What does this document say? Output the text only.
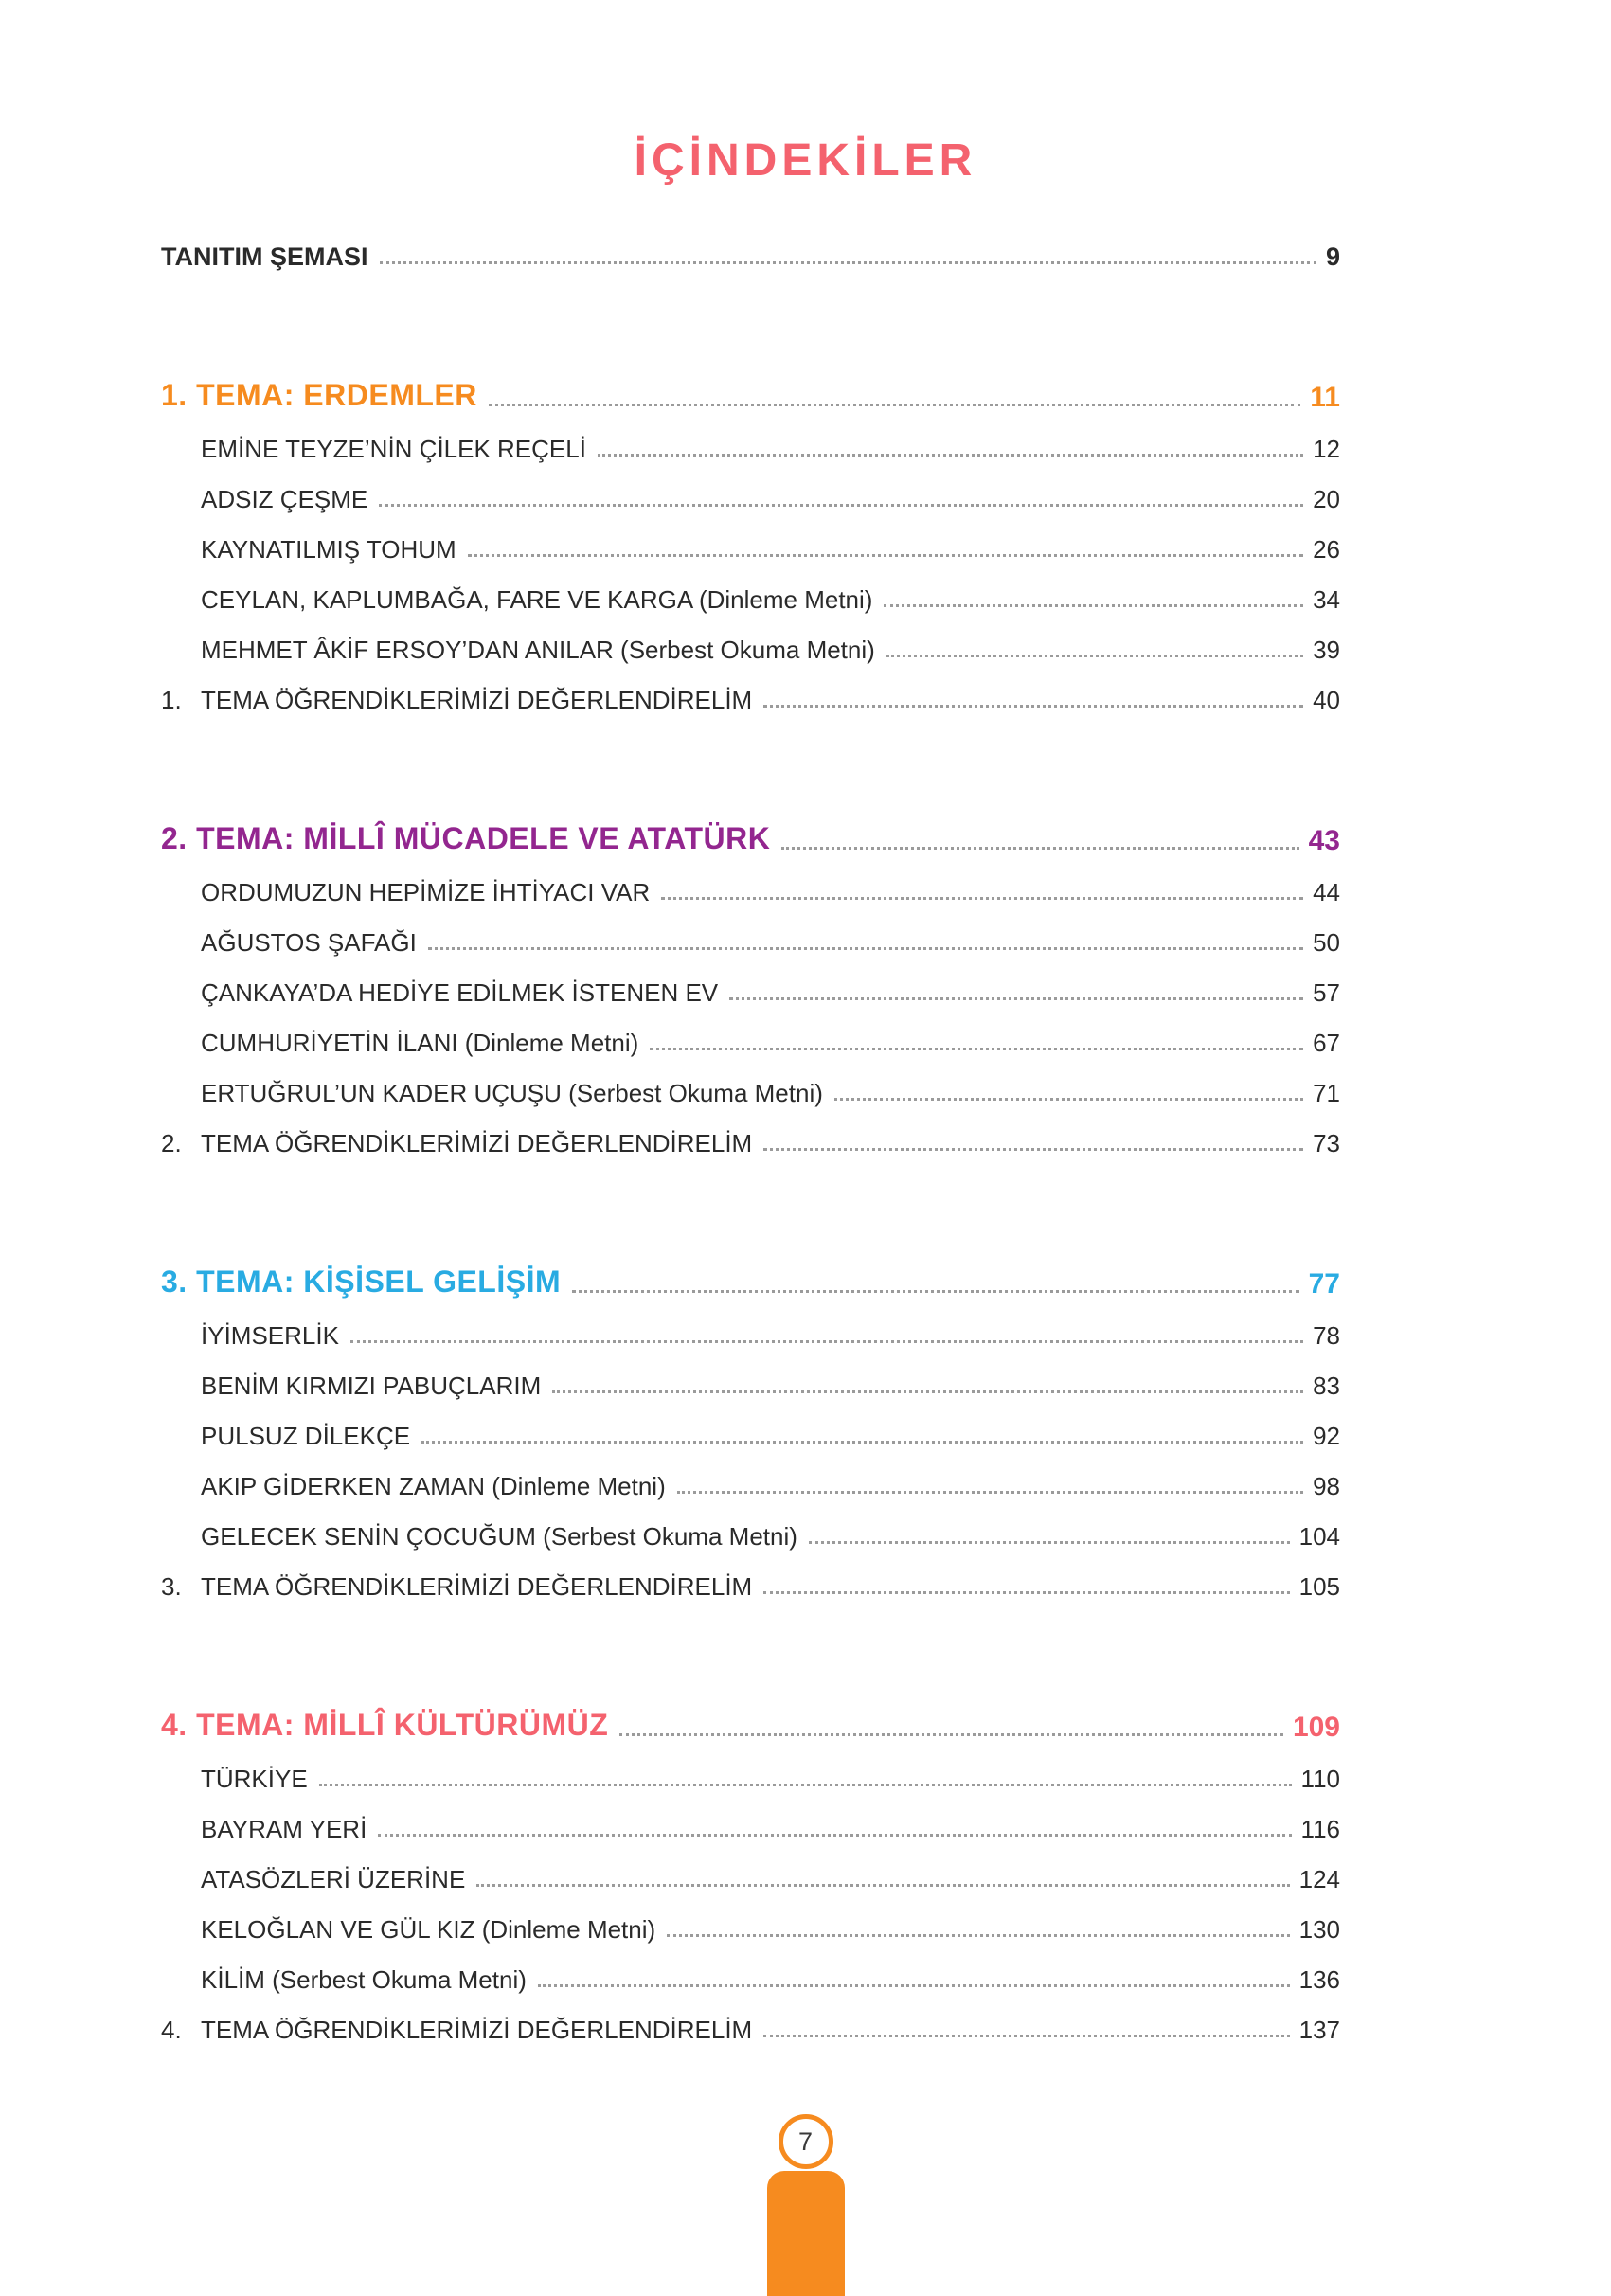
İÇİNDEKİLER
TANITIM ŞEMASI	9
1. TEMA: ERDEMLER	11
EMİNE TEYZE’NİN ÇİLEK REÇELİ	12
ADSIZ ÇEŞME	20
KAYNATILMIŞ TOHUM	26
CEYLAN, KAPLUMBAĞA, FARE VE KARGA (Dinleme Metni)	34
MEHMET ÂKİF ERSOY’DAN ANILAR (Serbest Okuma Metni)	39
1. TEMA ÖĞRENDİKLERİMİZİ DEĞERLENDİRELİM	40
2. TEMA: MİLLÎ MÜCADELE VE ATATÜRK	43
ORDUMUZUN HEPİMİZE İHTİYACI VAR	44
AĞUSTOS ŞAFAĞI	50
ÇANKAYA’DA HEDİYE EDİLMEK İSTENEN EV	57
CUMHURİYETİN İLANI (Dinleme Metni)	67
ERTUĞRUL’UN KADER UÇUŞU (Serbest Okuma Metni)	71
2. TEMA ÖĞRENDİKLERİMİZİ DEĞERLENDİRELİM	73
3. TEMA: KİŞİSEL GELİŞİM	77
İYİMSERLİK	78
BENİM KIRMIZI PABUÇLARIM	83
PULSUZ DİLEKÇE	92
AKIP GİDERKEN ZAMAN (Dinleme Metni)	98
GELECEK SENİN ÇOCUĞUM (Serbest Okuma Metni)	104
3. TEMA ÖĞRENDİKLERİMİZİ DEĞERLENDİRELİM	105
4. TEMA: MİLLÎ KÜLTÜRÜMÜZ	109
TÜRKİYE	110
BAYRAM YERİ	116
ATASÖZLERİ ÜZERİNE	124
KELOĞLAN VE GÜL KIZ (Dinleme Metni)	130
KİLİM (Serbest Okuma Metni)	136
4. TEMA ÖĞRENDİKLERİMİZİ DEĞERLENDİRELİM	137
7
